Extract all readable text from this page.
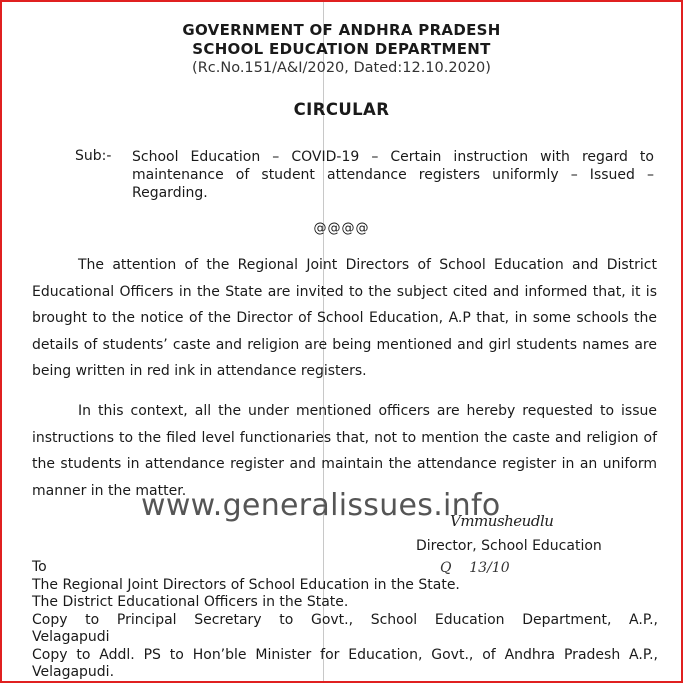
GOVERNMENT OF ANDHRA PRADESH
SCHOOL EDUCATION DEPARTMENT
(Rc.No.151/A&I/2020, Dated:12.10.2020)
CIRCULAR
Sub:- School Education – COVID-19 – Certain instruction with regard to maintenance of student attendance registers uniformly – Issued – Regarding.
@@@@
The attention of the Regional Joint Directors of School Education and District Educational Officers in the State are invited to the subject cited and informed that, it is brought to the notice of the Director of School Education, A.P that, in some schools the details of students’ caste and religion are being mentioned and girl students names are being written in red ink in attendance registers.
In this context, all the under mentioned officers are hereby requested to issue instructions to the filed level functionaries that, not to mention the caste and religion of the students in attendance register and maintain the attendance register in an uniform manner in the matter.
www.generalissues.info
Vmmusheudlu
Director, School Education
Q    13/10
To
The Regional Joint Directors of School Education in the State.
The District Educational Officers in the State.
Copy to Principal Secretary to Govt., School Education Department, A.P.,
Velagapudi
Copy to Addl. PS to Hon’ble Minister for Education, Govt., of Andhra Pradesh A.P.,
Velagapudi.
